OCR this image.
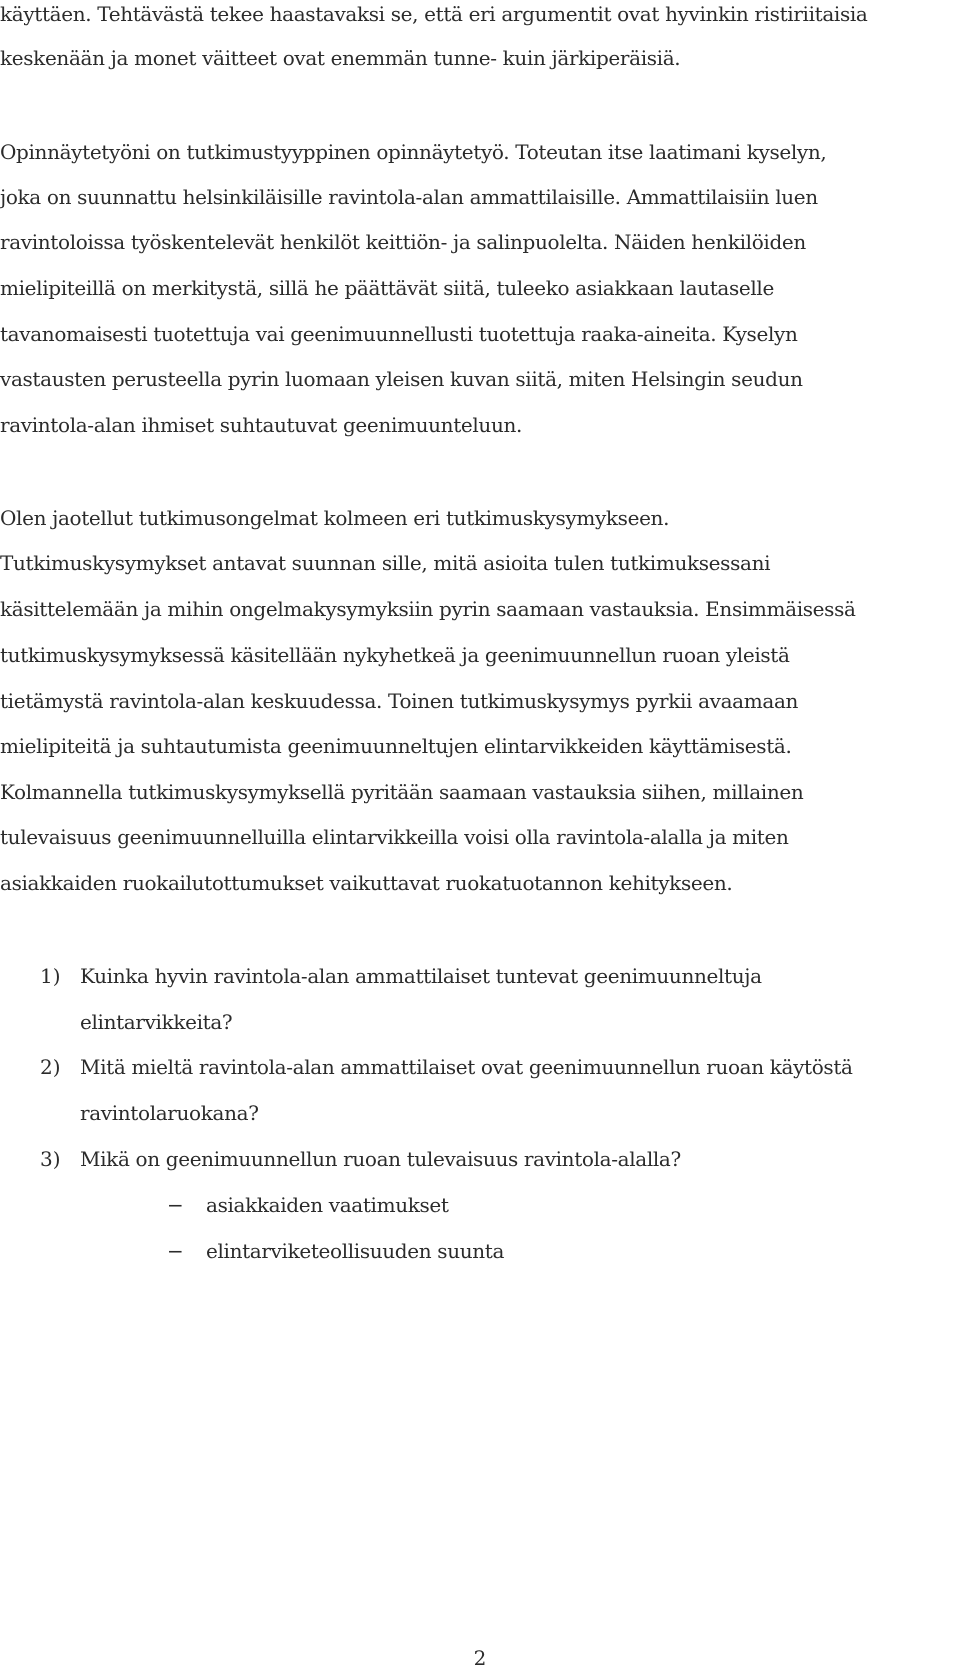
käyttäen. Tehtävästä tekee haastavaksi se, että eri argumentit ovat hyvinkin ristiriitaisia
keskenään ja monet väitteet ovat enemmän tunne- kuin järkiperäisiä.
Opinnäytetyöni on tutkimustyyppinen opinnäytetyö. Toteutan itse laatimani kyselyn,
joka on suunnattu helsinkiläisille ravintola-alan ammattilaisille. Ammattilaisiin luen
ravintoloissa työskentelevät henkilöt keittiön- ja salinpuolelta. Näiden henkilöiden
mielipiteillä on merkitystä, sillä he päättävät siitä, tuleeko asiakkaan lautaselle
tavanomaisesti tuotettuja vai geenimuunnellusti tuotettuja raaka-aineita. Kyselyn
vastausten perusteella pyrin luomaan yleisen kuvan siitä, miten Helsingin seudun
ravintola-alan ihmiset suhtautuvat geenimuunteluun.
Olen jaotellut tutkimusongelmat kolmeen eri tutkimuskysymykseen.
Tutkimuskysymykset antavat suunnan sille, mitä asioita tulen tutkimuksessani
käsittelemään ja mihin ongelmakysymyksiin pyrin saamaan vastauksia. Ensimmäisessä
tutkimuskysymyksessä käsitellään nykyhetkeä ja geenimuunnellun ruoan yleistä
tietämystä ravintola-alan keskuudessa. Toinen tutkimuskysymys pyrkii avaamaan
mielipiteitä ja suhtautumista geenimuunneltujen elintarvikkeiden käyttämisestä.
Kolmannella tutkimuskysymyksellä pyritään saamaan vastauksia siihen, millainen
tulevaisuus geenimuunnelluilla elintarvikkeilla voisi olla ravintola-alalla ja miten
asiakkaiden ruokailutottumukset vaikuttavat ruokatuotannon kehitykseen.
1) Kuinka hyvin ravintola-alan ammattilaiset tuntevat geenimuunneltuja
elintarvikkeita?
2) Mitä mieltä ravintola-alan ammattilaiset ovat geenimuunnellun ruoan käytöstä
ravintolaruokana?
3) Mikä on geenimuunnellun ruoan tulevaisuus ravintola-alalla?
− asiakkaiden vaatimukset
− elintarviketeollisuuden suunta
2
